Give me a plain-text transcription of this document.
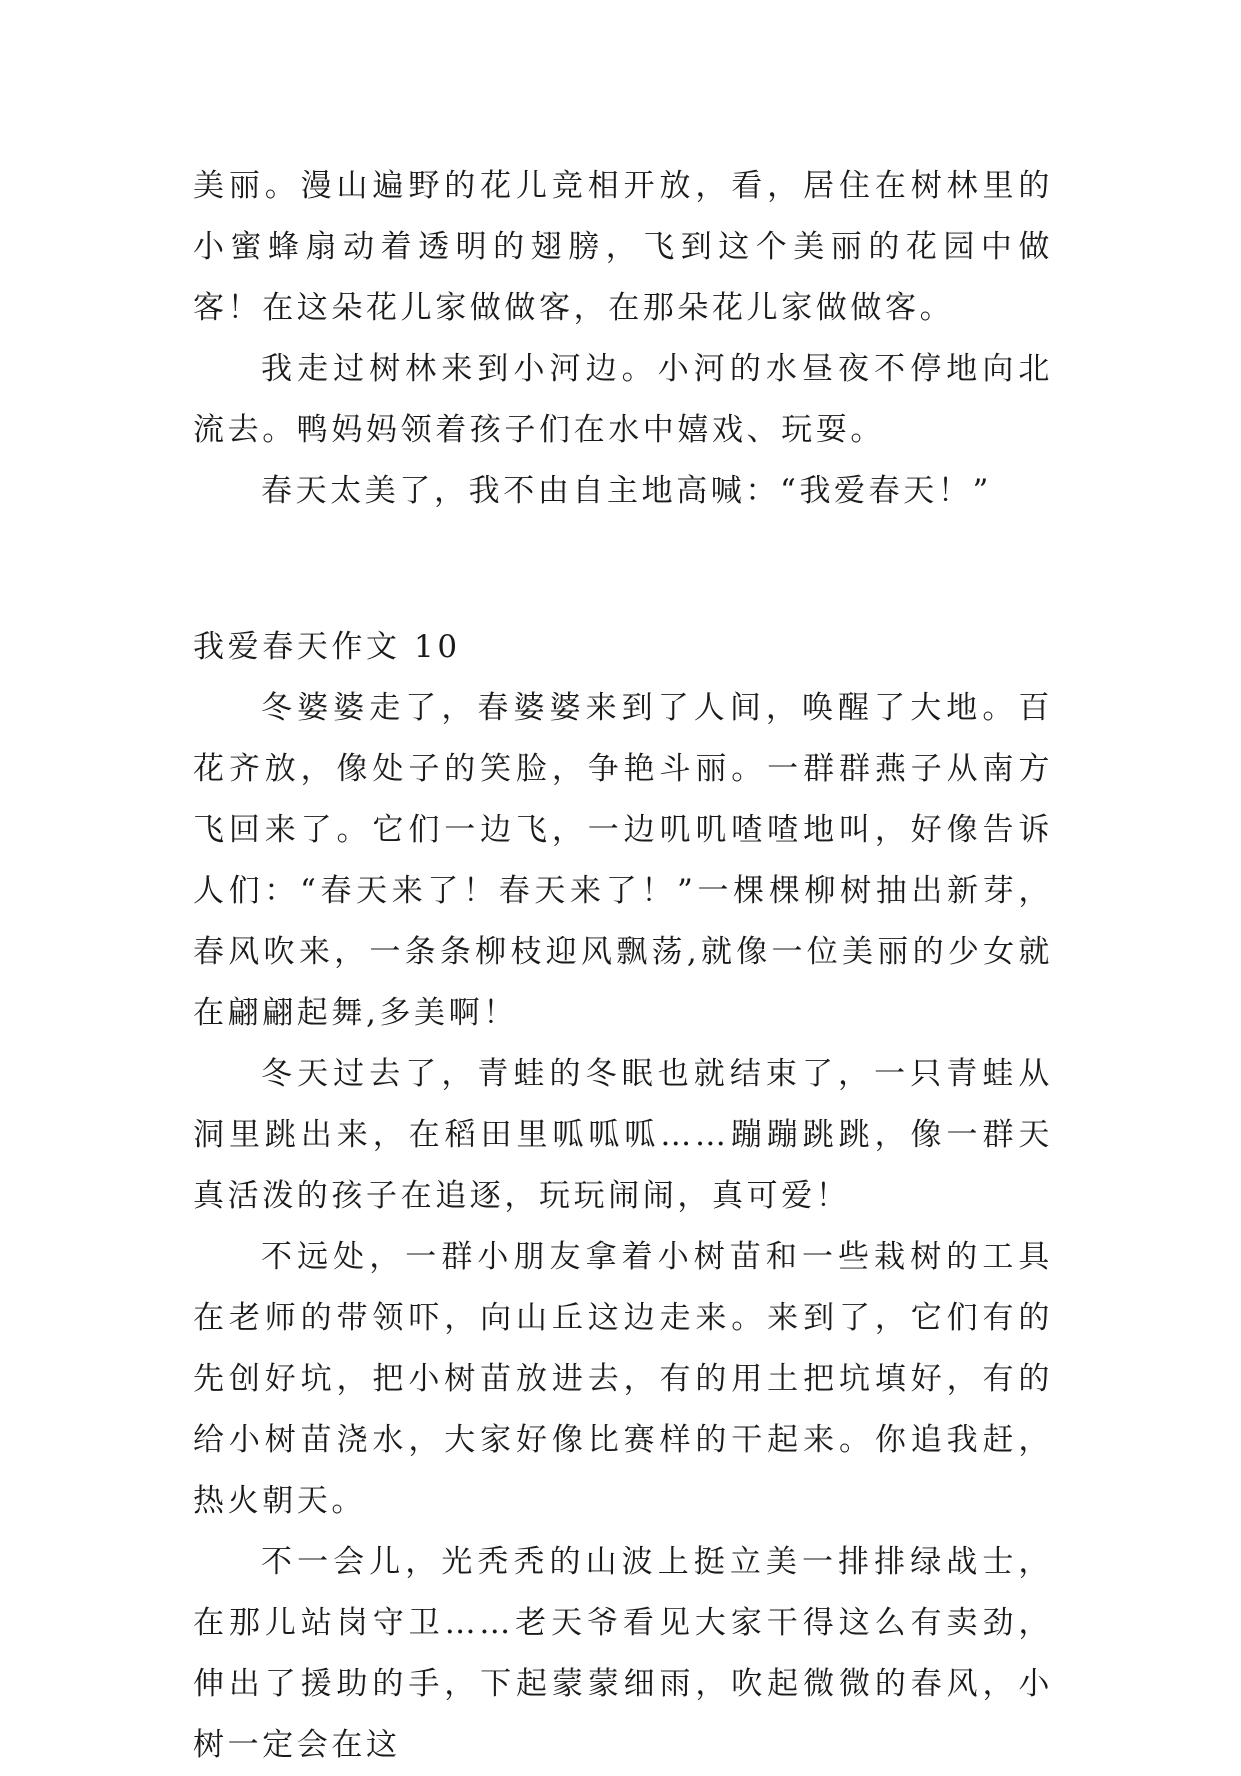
美丽。漫山遍野的花儿竞相开放，看，居住在树林里的小蜜蜂扇动着透明的翅膀，飞到这个美丽的花园中做客！在这朵花儿家做做客，在那朵花儿家做做客。

我走过树林来到小河边。小河的水昼夜不停地向北流去。鸭妈妈领着孩子们在水中嬉戏、玩耍。

春天太美了，我不由自主地高喊：“我爱春天！”

我爱春天作文 10

冬婆婆走了，春婆婆来到了人间，唤醒了大地。百花齐放，像处子的笑脸，争艳斗丽。一群群燕子从南方飞回来了。它们一边飞，一边叽叽喳喳地叫，好像告诉人们：“春天来了！春天来了！”一棵棵柳树抽出新芽，春风吹来，一条条柳枝迎风飘荡,就像一位美丽的少女就在翩翩起舞,多美啊！

冬天过去了，青蛙的冬眠也就结束了，一只青蛙从洞里跳出来，在稻田里呱呱呱……蹦蹦跳跳，像一群天真活泼的孩子在追逐，玩玩闹闹，真可爱！

不远处，一群小朋友拿着小树苗和一些栽树的工具在老师的带领吓，向山丘这边走来。来到了，它们有的先创好坑，把小树苗放进去，有的用土把坑填好，有的给小树苗浇水，大家好像比赛样的干起来。你追我赶，热火朝天。

不一会儿，光秃秃的山波上挺立美一排排绿战士，在那儿站岗守卫……老天爷看见大家干得这么有卖劲，伸出了援助的手，下起蒙蒙细雨，吹起微微的春风，小树一定会在这
